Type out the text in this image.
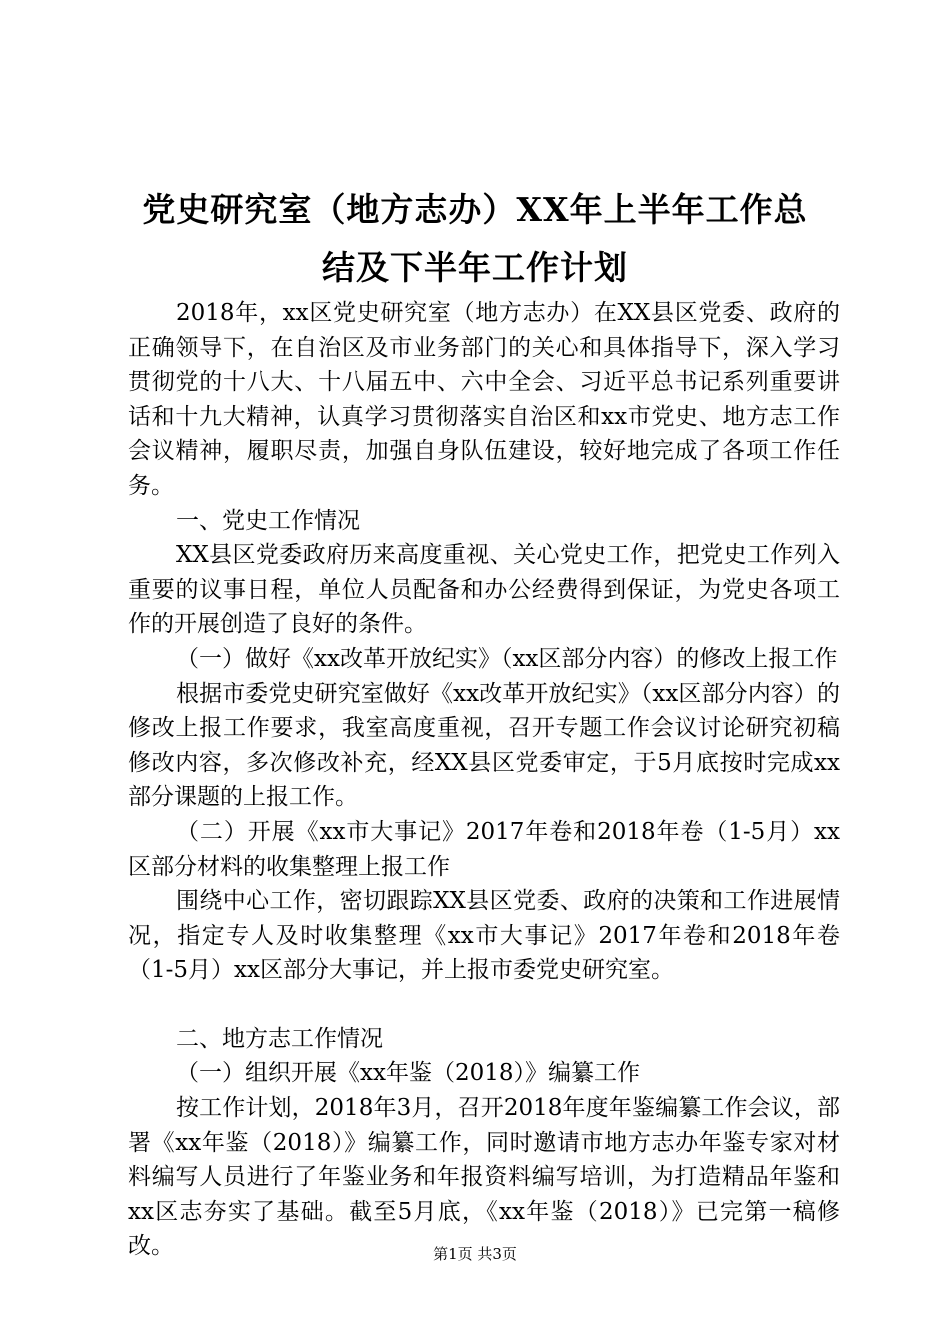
党史研究室（地方志办）XX年上半年工作总
结及下半年工作计划

2018年，xx区党史研究室（地方志办）在XX县区党委、政府的正确领导下，在自治区及市业务部门的关心和具体指导下，深入学习贯彻党的十八大、十八届五中、六中全会、习近平总书记系列重要讲话和十九大精神，认真学习贯彻落实自治区和xx市党史、地方志工作会议精神，履职尽责，加强自身队伍建设，较好地完成了各项工作任务。

一、党史工作情况

XX县区党委政府历来高度重视、关心党史工作，把党史工作列入重要的议事日程，单位人员配备和办公经费得到保证，为党史各项工作的开展创造了良好的条件。

（一）做好《xx改革开放纪实》（xx区部分内容）的修改上报工作

根据市委党史研究室做好《xx改革开放纪实》（xx区部分内容）的修改上报工作要求，我室高度重视，召开专题工作会议讨论研究初稿修改内容，多次修改补充，经XX县区党委审定，于5月底按时完成xx部分课题的上报工作。

（二）开展《xx市大事记》2017年卷和2018年卷（1-5月）xx区部分材料的收集整理上报工作

围绕中心工作，密切跟踪XX县区党委、政府的决策和工作进展情况，指定专人及时收集整理《xx市大事记》2017年卷和2018年卷（1-5月）xx区部分大事记，并上报市委党史研究室。

二、地方志工作情况

（一）组织开展《xx年鉴（2018）》编纂工作

按工作计划，2018年3月，召开2018年度年鉴编纂工作会议，部署《xx年鉴（2018）》编纂工作，同时邀请市地方志办年鉴专家对材料编写人员进行了年鉴业务和年报资料编写培训，为打造精品年鉴和xx区志夯实了基础。截至5月底，《xx年鉴（2018）》已完第一稿修改。	第1页 共3页
